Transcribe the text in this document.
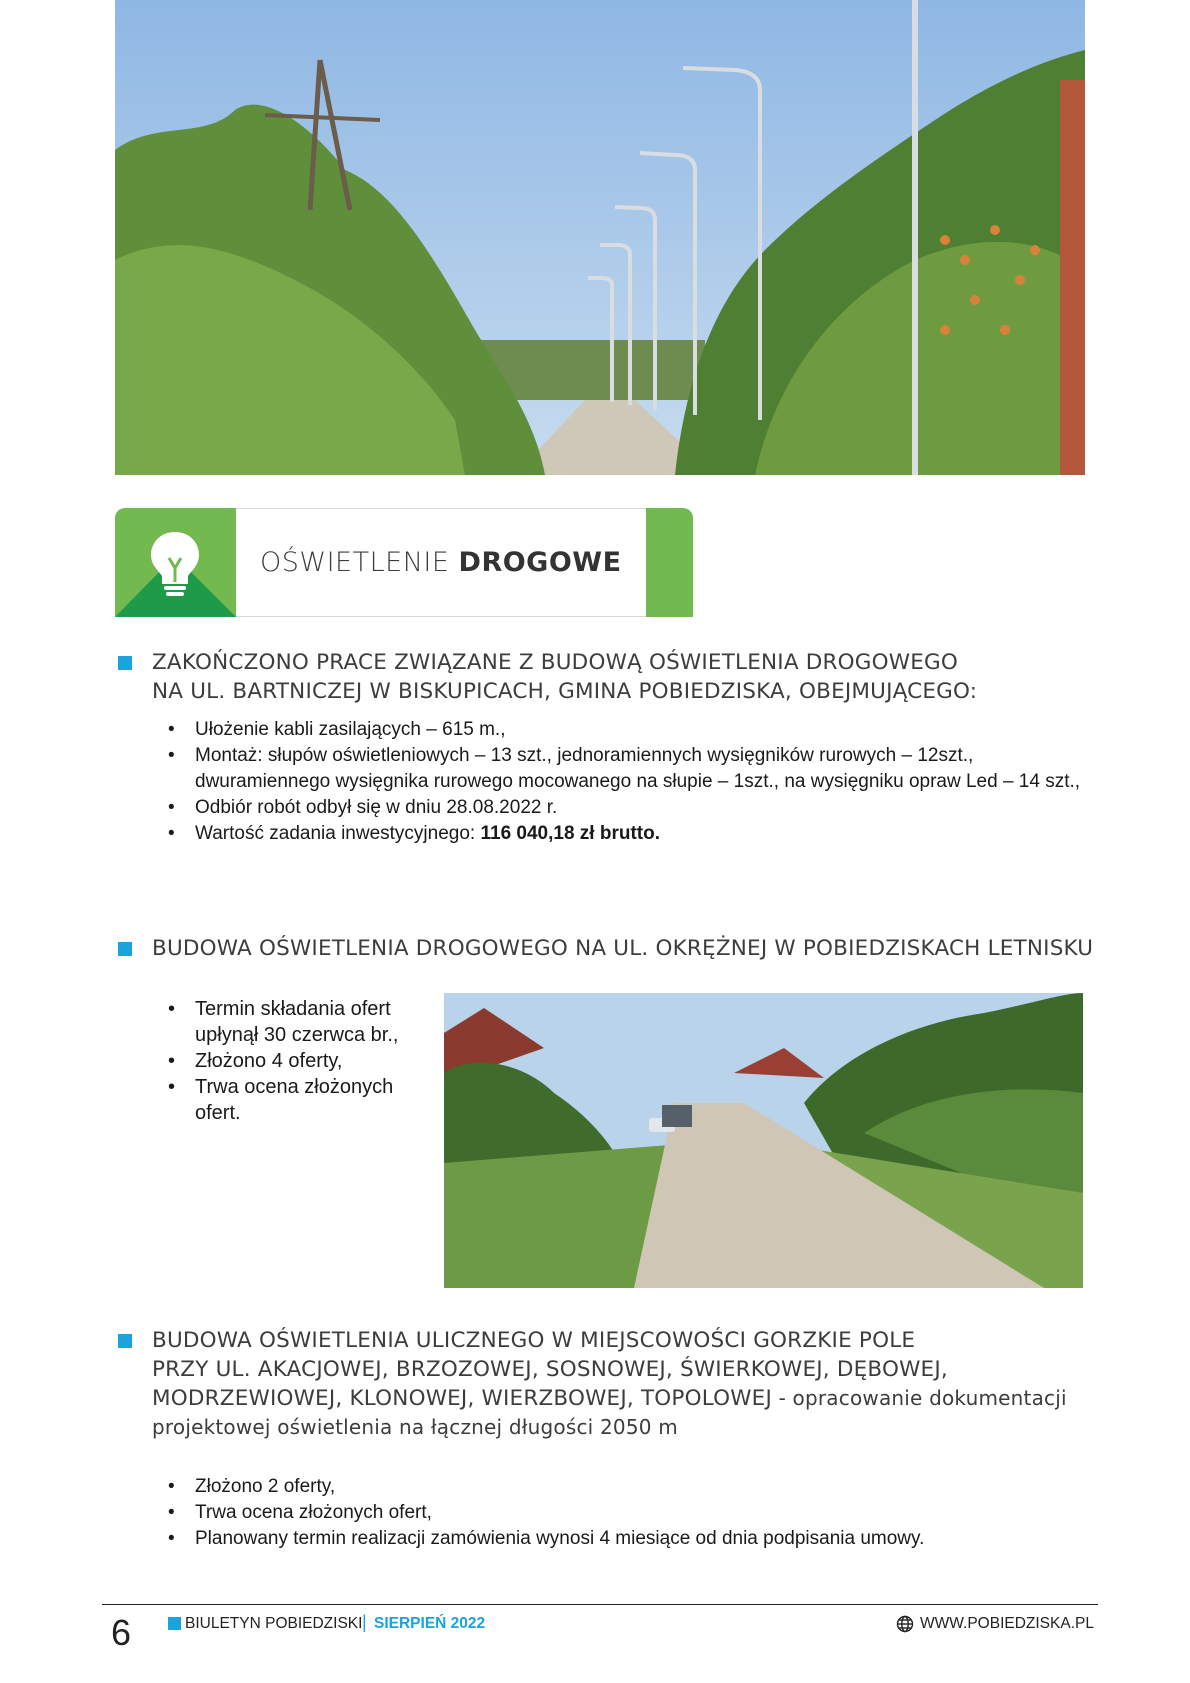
OŚWIETLENIE DROGOWE
ZAKOŃCZONO PRACE ZWIĄZANE Z BUDOWĄ OŚWIETLENIA DROGOWEGO
NA UL. BARTNICZEJ W BISKUPICACH, GMINA POBIEDZISKA, OBEJMUJĄCEGO:
• Ułożenie kabli zasilających – 615 m.,
• Montaż: słupów oświetleniowych – 13 szt., jednoramiennych wysięgników rurowych – 12szt., dwuramiennego wysięgnika rurowego mocowanego na słupie – 1szt., na wysięgniku opraw Led – 14 szt.,
• Odbiór robót odbył się w dniu 28.08.2022 r.
• Wartość zadania inwestycyjnego: 116 040,18 zł brutto.
BUDOWA OŚWIETLENIA DROGOWEGO NA UL. OKRĘŻNEJ W POBIEDZISKACH LETNISKU
• Termin składania ofert upłynął 30 czerwca br.,
• Złożono 4 oferty,
• Trwa ocena złożonych ofert.
BUDOWA OŚWIETLENIA ULICZNEGO W MIEJSCOWOŚCI GORZKIE POLE
PRZY UL. AKACJOWEJ, BRZOZOWEJ, SOSNOWEJ, ŚWIERKOWEJ, DĘBOWEJ,
MODRZEWIOWEJ, KLONOWEJ, WIERZBOWEJ, TOPOLOWEJ - opracowanie dokumentacji
projektowej oświetlenia na łącznej długości 2050 m
• Złożono 2 oferty,
• Trwa ocena złożonych ofert,
• Planowany termin realizacji zamówienia wynosi 4 miesiące od dnia podpisania umowy.
6	BIULETYN POBIEDZISKI | SIERPIEŃ 2022	WWW.POBIEDZISKA.PL
